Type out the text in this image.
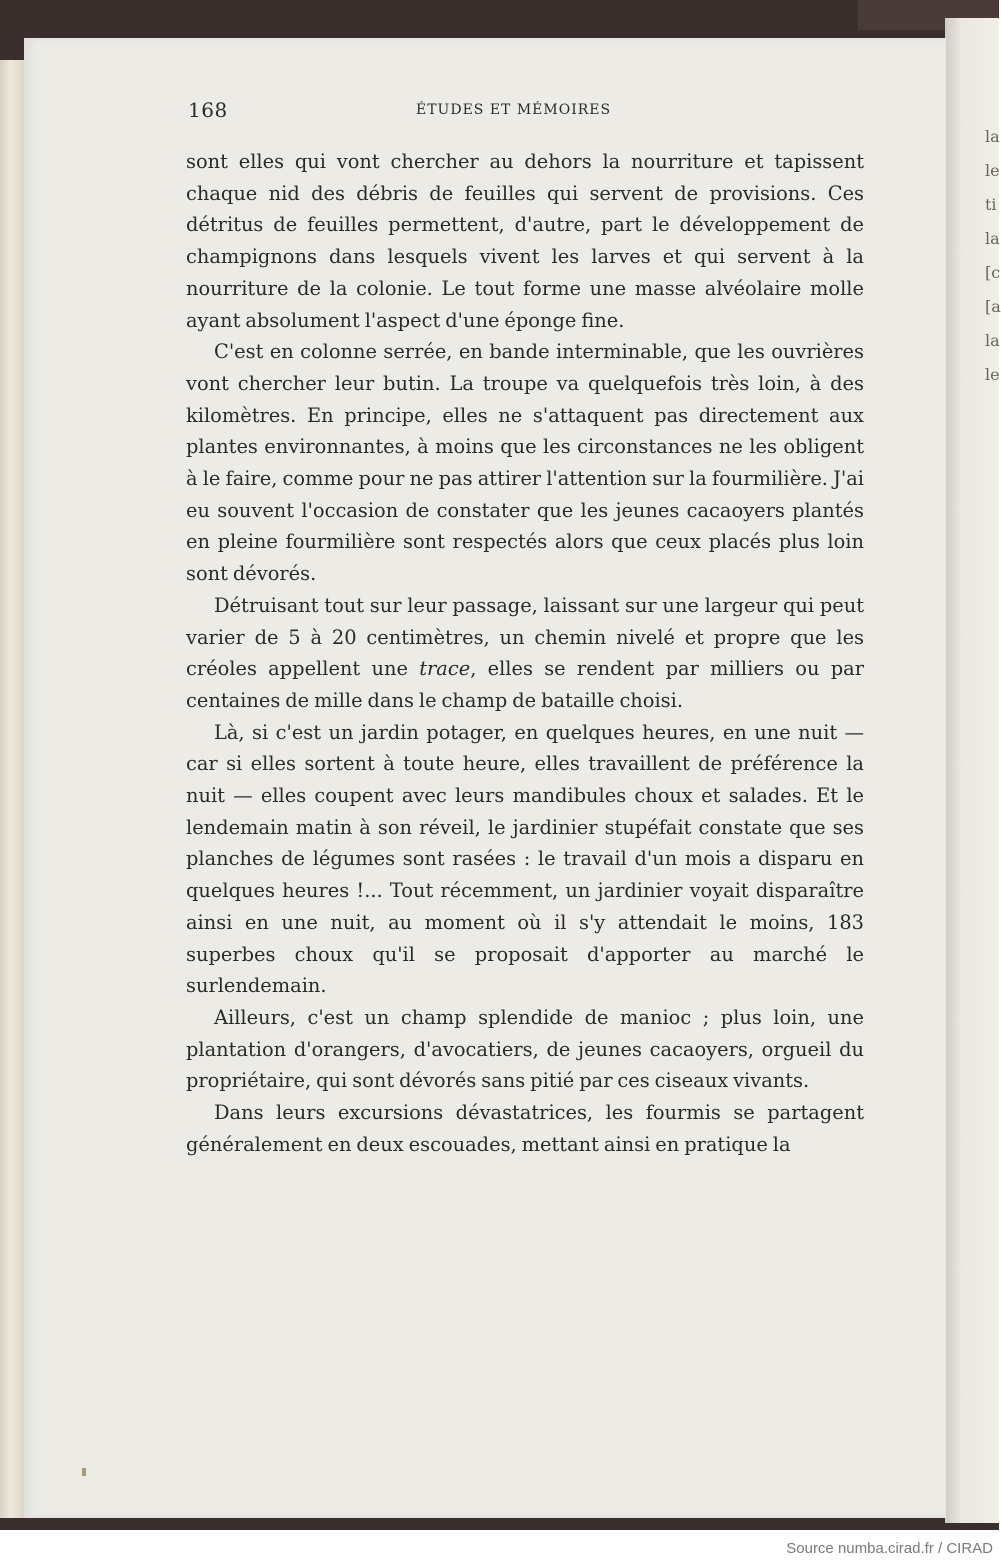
la
le
ti
la
[c
[a
la
le
168	ÉTUDES ET MÉMOIRES

sont elles qui vont chercher au dehors la nourriture et tapissent chaque nid des débris de feuilles qui servent de provisions. Ces détritus de feuilles permettent, d'autre, part le développement de champignons dans lesquels vivent les larves et qui servent à la nourriture de la colonie. Le tout forme une masse alvéolaire molle ayant absolument l'aspect d'une éponge fine.

C'est en colonne serrée, en bande interminable, que les ouvrières vont chercher leur butin. La troupe va quelquefois très loin, à des kilomètres. En principe, elles ne s'attaquent pas directement aux plantes environnantes, à moins que les circonstances ne les obligent à le faire, comme pour ne pas attirer l'attention sur la fourmilière. J'ai eu souvent l'occasion de constater que les jeunes cacaoyers plantés en pleine fourmilière sont respectés alors que ceux placés plus loin sont dévorés.

Détruisant tout sur leur passage, laissant sur une largeur qui peut varier de 5 à 20 centimètres, un chemin nivelé et propre que les créoles appellent une trace, elles se rendent par milliers ou par centaines de mille dans le champ de bataille choisi.

Là, si c'est un jardin potager, en quelques heures, en une nuit — car si elles sortent à toute heure, elles travaillent de préférence la nuit — elles coupent avec leurs mandibules choux et salades. Et le lendemain matin à son réveil, le jardinier stupéfait constate que ses planches de légumes sont rasées : le travail d'un mois a disparu en quelques heures !... Tout récemment, un jardinier voyait disparaître ainsi en une nuit, au moment où il s'y attendait le moins, 183 superbes choux qu'il se proposait d'apporter au marché le surlendemain.

Ailleurs, c'est un champ splendide de manioc ; plus loin, une plantation d'orangers, d'avocatiers, de jeunes cacaoyers, orgueil du propriétaire, qui sont dévorés sans pitié par ces ciseaux vivants.

Dans leurs excursions dévastatrices, les fourmis se partagent généralement en deux escouades, mettant ainsi en pratique la

Source numba.cirad.fr / CIRAD
